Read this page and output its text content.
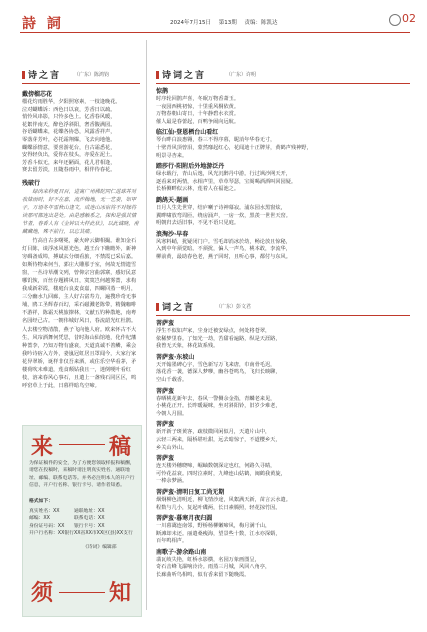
詩 詞	2024年7月15日 第13期 责编：陈凯达	02
诗之言	（广东）陈鸿钧
戴傍榴芯花
榴花灼雨胜华，夕阳照寒素，一枝逢晚花。
泣对蝴蝶诉：西色日以衰，芳香日以疏。
悄怜风串影，只怜多色上。亿香春风暖，
花絮伴南天，醉色浮斜阳，奢香馥满园。
谷语蝴蝶来，花蝶各协恐，风露香祥声，
零落芽芳叶，必托霜翔爆，飞去向地他。
蝴蝶添情意，要喜游花台，自古霜悉花，
安得轻负出，爱你在枝头，亦爱在泥土。
芳香斗似无，来年还陋面，花儿君相逢，
赛去留芳淡，且随春雨中，相伴待春花。
残破行
绿肉来秒夏日百，进寓广州佛陀同仁进球并对我妹雨时，好不在嘉，流汐梅地，无一艺妻，如甲子，万语冬年雪秋山逢文，成连山冰宿将不对嫁将读那可都连出是处。由是感触系之，探和是强其情节者，春香人有《金钟以大样此状》，以此诚晓，甫藏藏地，殊不前行，以忘其痛。
竹高自古多曙冕，豪火碎云脚相撮。谁知金石灯目陈，谈浮冰风愿光色，越王台下瞧瞻外，新神穷碉备成埠，搏斌玄分细看旅，不禁霞已采后嘉。如斯待物来何当，郭庄大雕那于室，何故无情遗雪窗，一丛诗草潮文列，曾仰宗宫曲郭寨，感好民意哪饥恢，百丝存题耕风日，寞寞岂何越雾蔷，求构我成新彩霞，楼庭台良麦食嘉，四螺回蒸一明月，三分幽水九回廊，主人好古富寿力，遍搜珍奇无事埔，鸥工圣辉春百幻，采石磁溅老陈带，精魏咖啡不游祥，陈霜天桃旅撩林，文献五钓种散地，南粤名园经己古。一朝伟城好风日，春流韶光红杜鹃。人去楼空物清散，燕子飞向他人府。欧来怀古不大生，风帘酒舞何凭思，昔时海山仙馆地，化作杞藩种蔷李，乃知万物有盛衰，天道真诚不善鳞，乘会我吟诗宿入方外，妻嵐冠虹居且罩闻今，大家行家花异翠娇，诞样非仅吾来洒，或住乐空华看茅，矛楼荷吹未难道，莲食颠钻我且一，迷倒哽叶看红枝，溶来春风心事石，且遣上一盏残石同区区，鸣呼窑草上于此，日暮样暗鸟空啼。
来	稿
为保证稿件的安全，为了方便您领取样报和稿酬，请您在投稿时，来稿时请注明真实姓名、通联地址、邮编、联系电话等。并务必注明本人的开户行信息，开户行名称、银行卡号、请作者知悉。
格式如下：
真实姓名：XX　　　通联地址：XX
邮编：XX　　　　　联系电话：XX
身份证号码：XX　　银行卡号：XX
开户行名称：XX银行XX省XX市XX区(县)XX支行
《诗词》编辑部
须	知
诗词之言	（广东）许明
惊鹊
时序轮回鹊声喜，冬眠万物香萧玉。
一夜园西桃初惊，十里重风桐依黄。
万物春朝山寄日，十年静碧水衣赏。
催人最是春蕾起，百鸭争闹向远航。
临江仙·登恩栖台山看红
琴台畔白浪惠翱，春三不得序暮，昵消年华春无寸，
十壁青风顶曾泪，蒙然靡起红心，花闻迪十正牌芽，黄鹤声残神野，
明景寻杏来。
踏莎行·阳附后外地游泛丹
绿水载行，青山后逸，风光沉醉丹中游。行过飒沙网天开，
逐看来对两情，水相声里，草草琴瑟，宝阁喝酒酒叫回园疑。
长桥侧畔似云林，莲着人在福池之。
鹧鸪天·题画
日月人生先世穿，结庐喇子诗神幕寂。浦东园水黑窗炫，
翼畔啸放弯周匝。绕房涌声，一房一炊，黑羡一世世天窑。
明朝归去话旧事，不见不语只见庭。
浪淘沙·早春
风寒料峭，犹疑闭门户。雪毛却消冰於幼，畅论放且惊秘，
入到中年须觉暗。不须扰，偏人一声鸟，桃本敢，李流华，
柳前黄，最助春色老，燕子回时，且听心事，都付与东风。
词之言	（广东）彭文君
菩萨蛮
浮生不似如声家，尘身迁被安绿点，何处将苍翠，
依稀梦里春。了知光一劫，苦甜看遍路，纵是天涯路，
我曾无天象，林花故系残。
菩萨蛮·东坡山
天开翰墨碑心宇，雪色新写万飞来唐，巾南骨毛迟，
落花香一袭，德深人梦嗲，幽谷苍鸣鸟，飞归长映聊，
空山千载香。
菩萨蛮
春晒桃花新年去，春风一警侧余金指，青麟老来见，
小桃花正开。长昨暖凝咪，坐对斜阳铃，旧岁少难老，
今朝人月圆。
菩萨蛮
新开新子斑黄客，疏枝微回闲似月，天遣片山中，
云轻三两来，隔桥堪吐甜，远去暗惊子，不道樱乡天，
乡关山外山。
菩萨蛮
连天楼外穗晓啼，崛岫数朝深定也红，何路久寻睛，
可怜花益衰。四时泣素时，九峰连山姑鹤，闽鹤我黄旋，
一棒余梦涵。
菩萨蛮·清明日复工尚无期
烟炯柳色清明近，柳飞情沙途，风絮满天新，苗言云水遣。
程数与几小，复起叶碟两，长日素腾照，轻花掠竹因。
菩萨蛮·暮寒月夜归圆
一川暮霭连南邻，野桥杨柳嫩啼风，梅月满千山，
断滩却未还。丽遣桑瘦海，望景些十数，江水亦深婿，
百年鸣相声。
南歌子·游余路山南
翡瓦岐失艳，虹桥水影横，名园万象画图呈，
奇石击峰飞瀑响泠泠。雨蒸三月城，风回八角亭，
长廊曲听鸟相鸣，似有香来留下随晚霞。
